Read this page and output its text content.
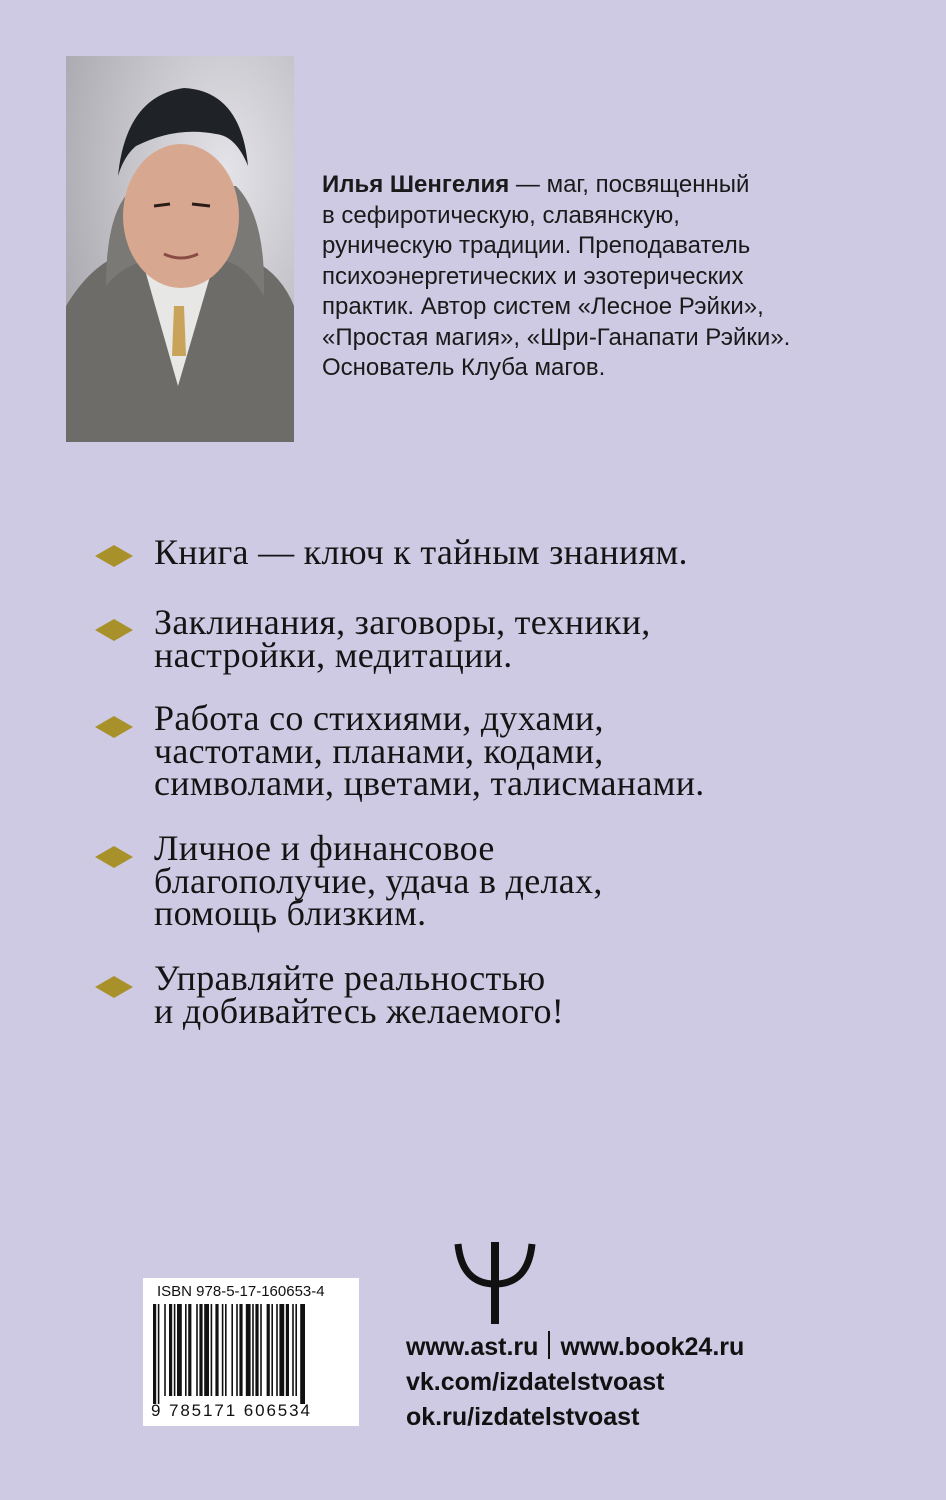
Илья Шенгелия — маг, посвященный
в сефиротическую, славянскую,
руническую традиции. Преподаватель
психоэнергетических и эзотерических
практик. Автор систем «Лесное Рэйки»,
«Простая магия», «Шри-Ганапати Рэйки».
Основатель Клуба магов.
Книга — ключ к тайным знаниям.
Заклинания, заговоры, техники,
настройки, медитации.
Работа со стихиями, духами,
частотами, планами, кодами,
символами, цветами, талисманами.
Личное и финансовое
благополучие, удача в делах,
помощь близким.
Управляйте реальностью
и добивайтесь желаемого!
ISBN 978-5-17-160653-4
9 785171 606534
www.ast.ru www.book24.ru
vk.com/izdatelstvoast
ok.ru/izdatelstvoast
